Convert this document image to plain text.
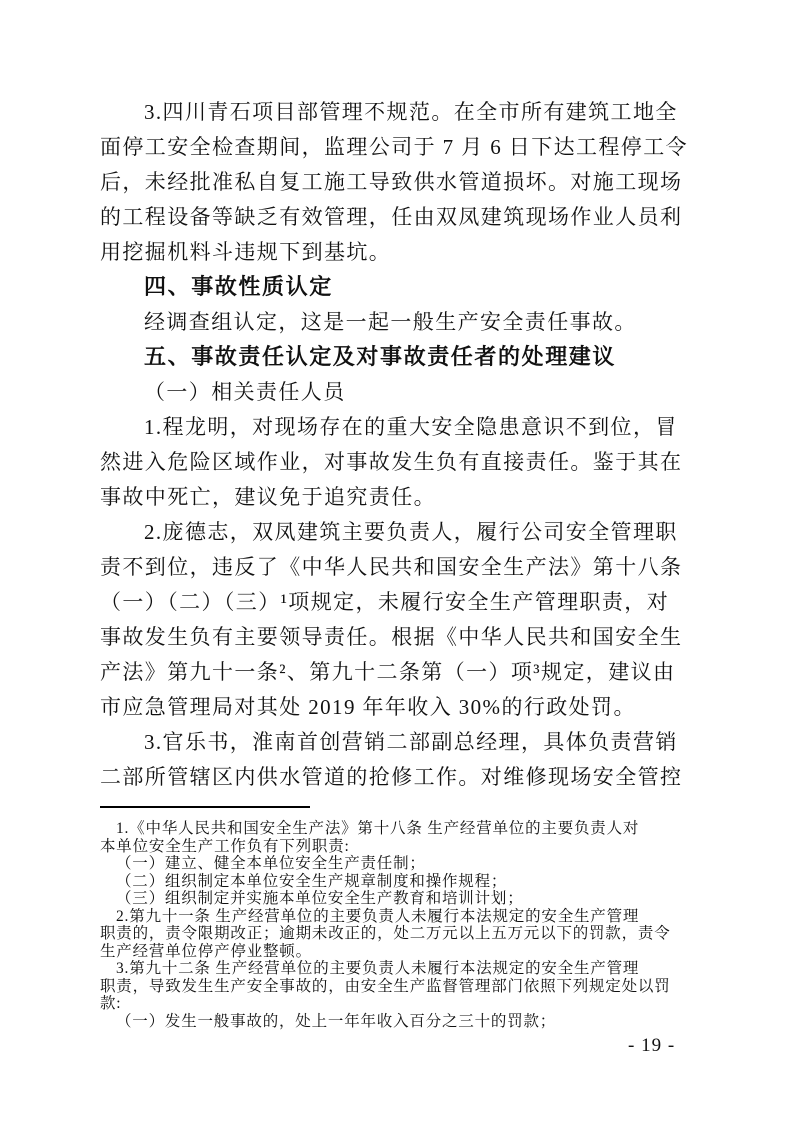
3.四川青石项目部管理不规范。在全市所有建筑工地全
面停工安全检查期间，监理公司于 7 月 6 日下达工程停工令
后，未经批准私自复工施工导致供水管道损坏。对施工现场
的工程设备等缺乏有效管理，任由双凤建筑现场作业人员利
用挖掘机料斗违规下到基坑。
四、事故性质认定
经调查组认定，这是一起一般生产安全责任事故。
五、事故责任认定及对事故责任者的处理建议
（一）相关责任人员
1.程龙明，对现场存在的重大安全隐患意识不到位，冒
然进入危险区域作业，对事故发生负有直接责任。鉴于其在
事故中死亡，建议免于追究责任。
2.庞德志，双凤建筑主要负责人，履行公司安全管理职
责不到位，违反了《中华人民共和国安全生产法》第十八条
（一）（二）（三）¹项规定，未履行安全生产管理职责，对
事故发生负有主要领导责任。根据《中华人民共和国安全生
产法》第九十一条²、第九十二条第（一）项³规定，建议由
市应急管理局对其处 2019 年年收入 30%的行政处罚。
3.官乐书，淮南首创营销二部副总经理，具体负责营销
二部所管辖区内供水管道的抢修工作。对维修现场安全管控
1.《中华人民共和国安全生产法》第十八条 生产经营单位的主要负责人对
本单位安全生产工作负有下列职责:
（一）建立、健全本单位安全生产责任制；
（二）组织制定本单位安全生产规章制度和操作规程；
（三）组织制定并实施本单位安全生产教育和培训计划；
2.第九十一条 生产经营单位的主要负责人未履行本法规定的安全生产管理
职责的，责令限期改正；逾期未改正的，处二万元以上五万元以下的罚款，责令
生产经营单位停产停业整顿。
3.第九十二条 生产经营单位的主要负责人未履行本法规定的安全生产管理
职责，导致发生生产安全事故的，由安全生产监督管理部门依照下列规定处以罚
款:
（一）发生一般事故的，处上一年年收入百分之三十的罚款；
- 19 -
